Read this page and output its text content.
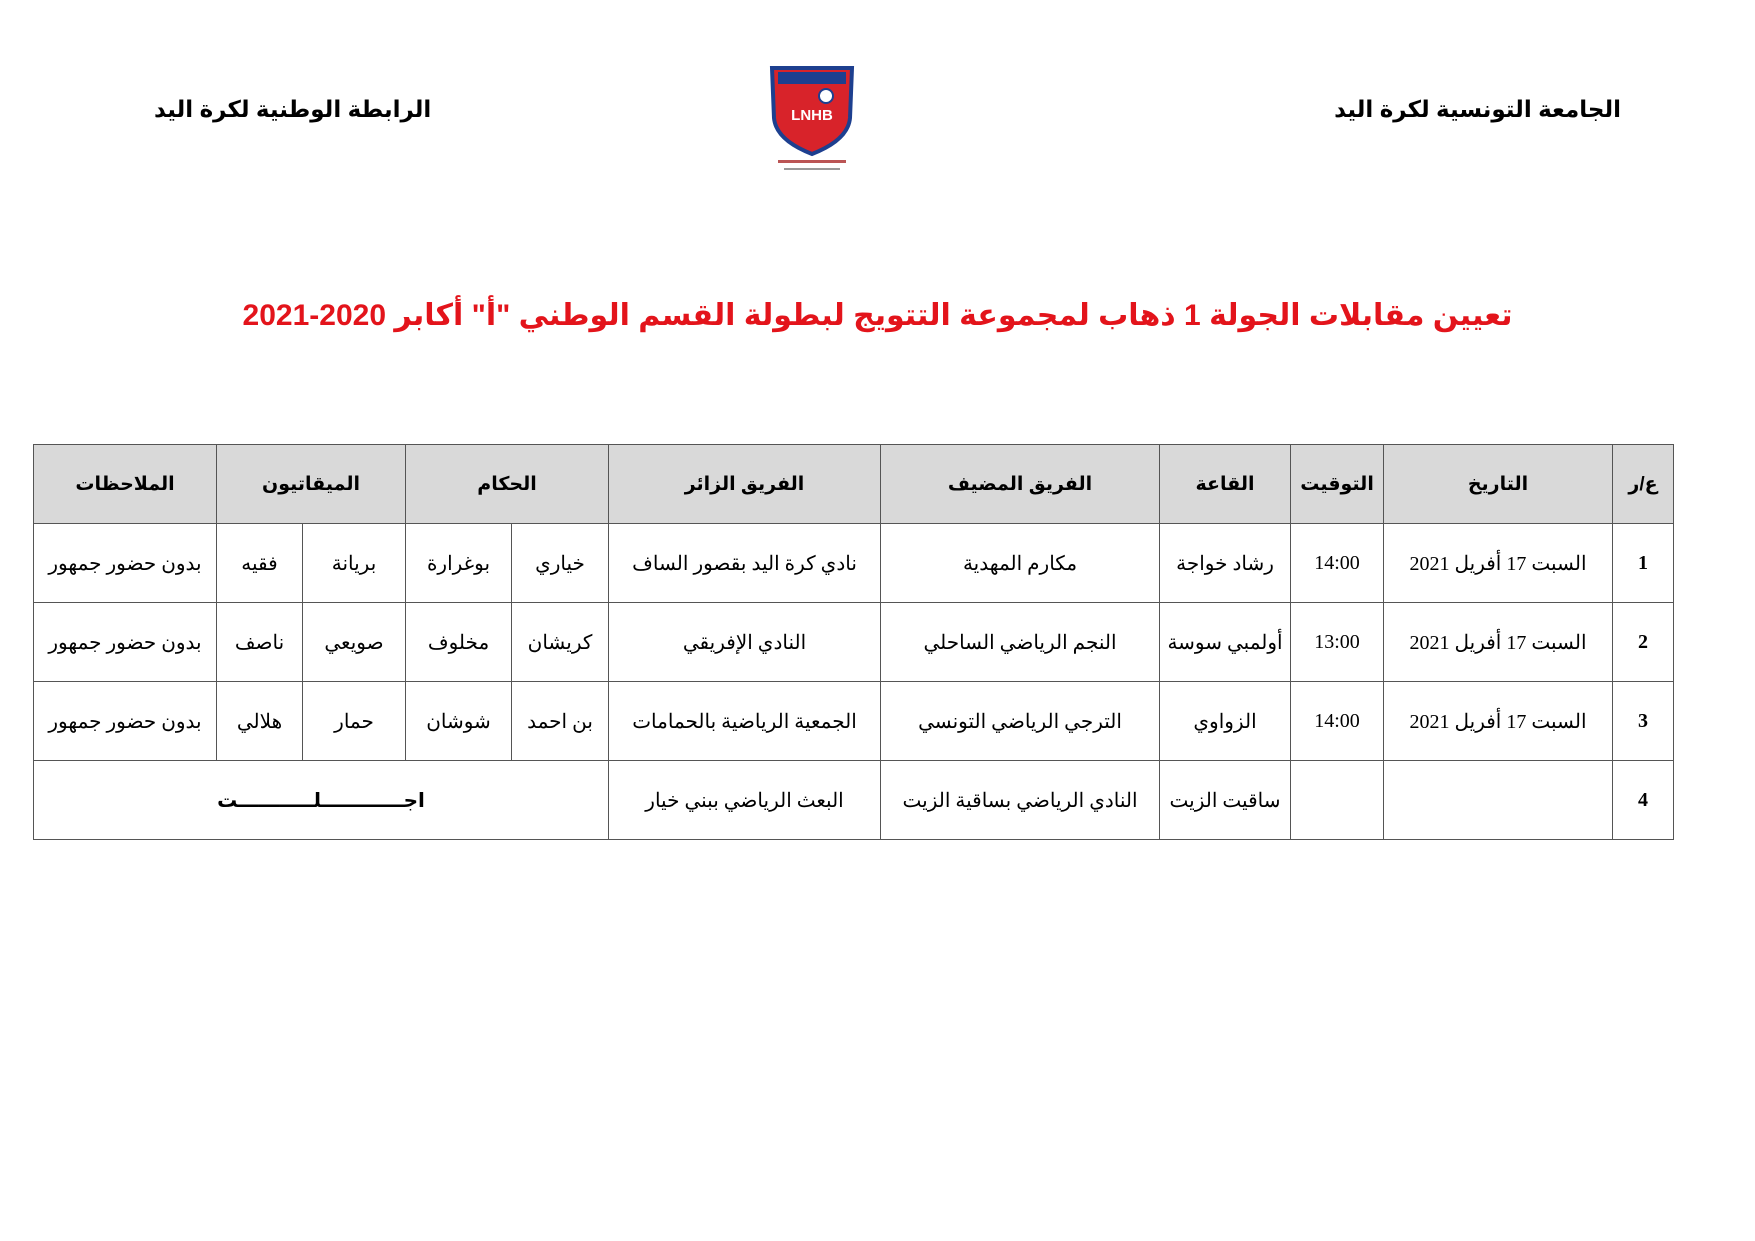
الجامعة التونسية لكرة اليد
LNHB
الرابطة الوطنية لكرة اليد
تعيين مقابلات الجولة 1 ذهاب لمجموعة التتويج لبطولة القسم الوطني "أ" أكابر 2020-2021
ع/ر	التاريخ	التوقيت	القاعة	الفريق المضيف	الفريق الزائر	الحكام		الميقاتيون		الملاحظات
1	السبت 17 أفريل 2021	14:00	رشاد خواجة	مكارم المهدية	نادي كرة اليد بقصور الساف	خياري	بوغرارة	بريانة	فقيه	بدون حضور جمهور
2	السبت 17 أفريل 2021	13:00	أولمبي سوسة	النجم الرياضي الساحلي	النادي الإفريقي	كريشان	مخلوف	صويعي	ناصف	بدون حضور جمهور
3	السبت 17 أفريل 2021	14:00	الزواوي	الترجي الرياضي التونسي	الجمعية الرياضية بالحمامات	بن احمد	شوشان	حمار	هلالي	بدون حضور جمهور
4			ساقيت الزيت	النادي الرياضي بساقية الزيت	البعث الرياضي ببني خيار	اجــــــــــــلـــــــــــت				
